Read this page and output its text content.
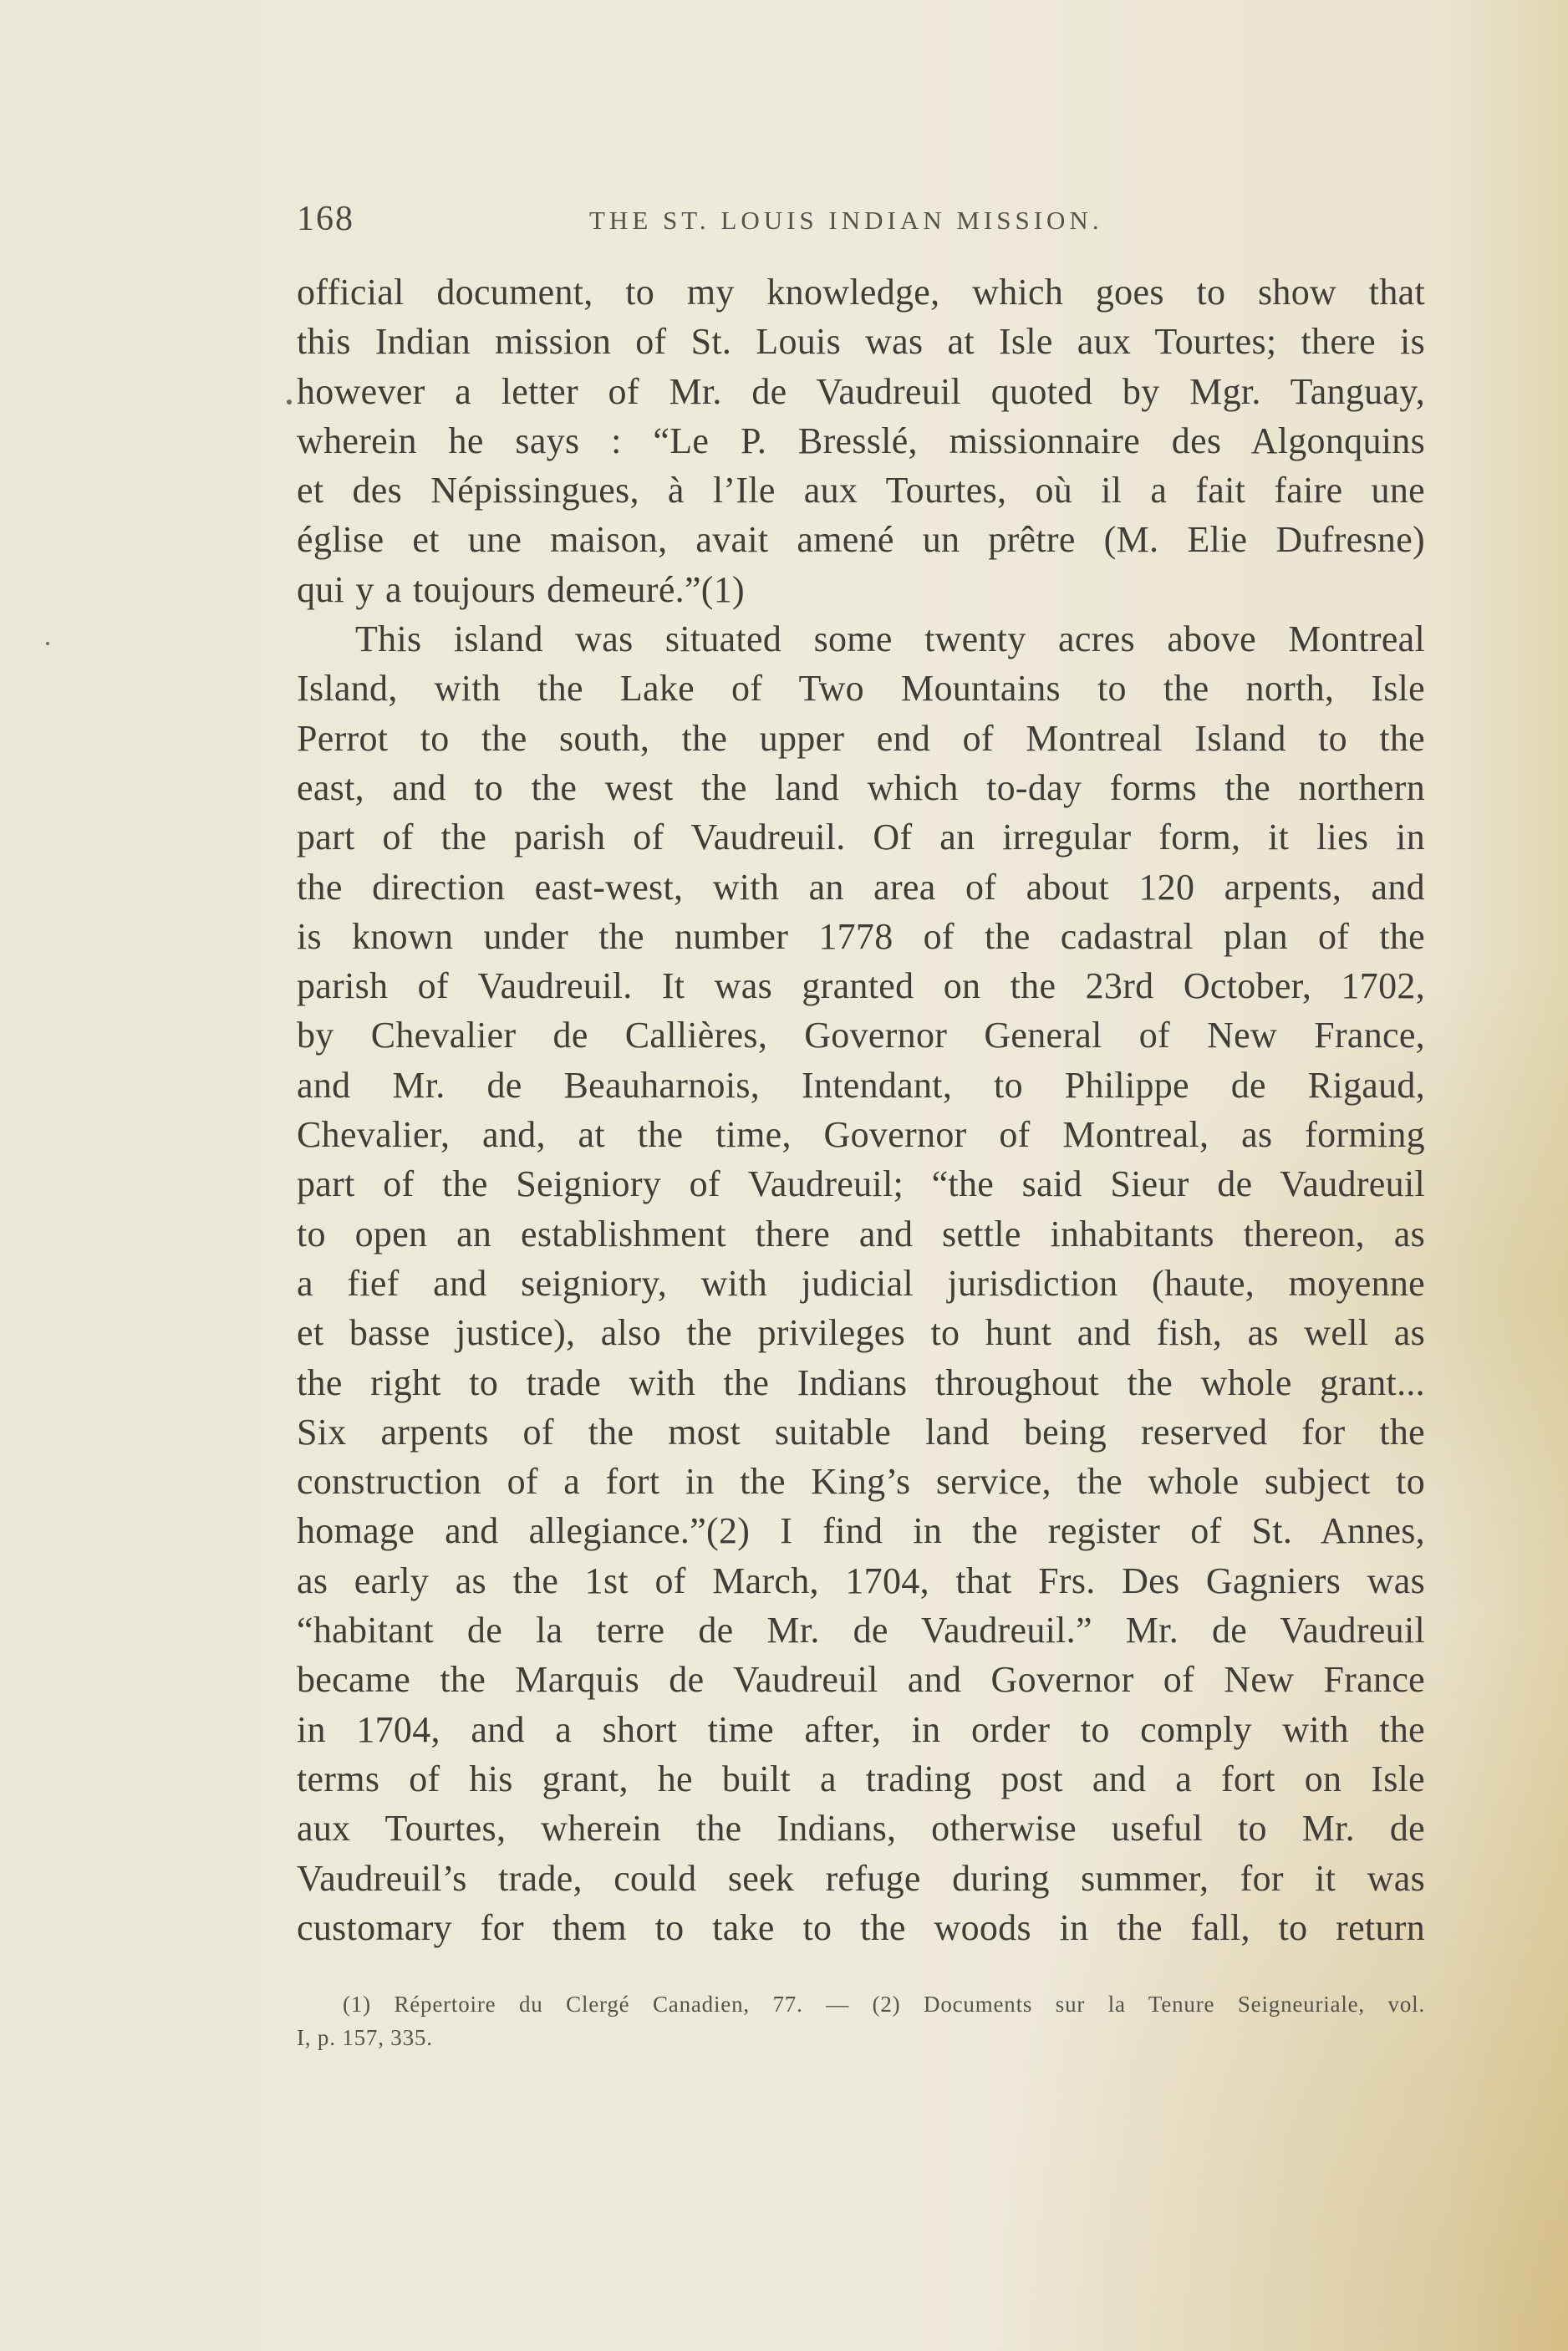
168	THE ST. LOUIS INDIAN MISSION.
official document, to my knowledge, which goes to show that
this Indian mission of St. Louis was at Isle aux Tourtes; there is
however a letter of Mr. de Vaudreuil quoted by Mgr. Tanguay,
wherein he says : “Le P. Bresslé, missionnaire des Algonquins
et des Népissingues, à l’Ile aux Tourtes, où il a fait faire une
église et une maison, avait amené un prêtre (M. Elie Dufresne)
qui y a toujours demeuré.”(1)
This island was situated some twenty acres above Montreal
Island, with the Lake of Two Mountains to the north, Isle
Perrot to the south, the upper end of Montreal Island to the
east, and to the west the land which to-day forms the northern
part of the parish of Vaudreuil. Of an irregular form, it lies in
the direction east-west, with an area of about 120 arpents, and
is known under the number 1778 of the cadastral plan of the
parish of Vaudreuil. It was granted on the 23rd October, 1702,
by Chevalier de Callières, Governor General of New France,
and Mr. de Beauharnois, Intendant, to Philippe de Rigaud,
Chevalier, and, at the time, Governor of Montreal, as forming
part of the Seigniory of Vaudreuil; “the said Sieur de Vaudreuil
to open an establishment there and settle inhabitants thereon, as
a fief and seigniory, with judicial jurisdiction (haute, moyenne
et basse justice), also the privileges to hunt and fish, as well as
the right to trade with the Indians throughout the whole grant...
Six arpents of the most suitable land being reserved for the
construction of a fort in the King’s service, the whole subject to
homage and allegiance.”(2) I find in the register of St. Annes,
as early as the 1st of March, 1704, that Frs. Des Gagniers was
“habitant de la terre de Mr. de Vaudreuil.” Mr. de Vaudreuil
became the Marquis de Vaudreuil and Governor of New France
in 1704, and a short time after, in order to comply with the
terms of his grant, he built a trading post and a fort on Isle
aux Tourtes, wherein the Indians, otherwise useful to Mr. de
Vaudreuil’s trade, could seek refuge during summer, for it was
customary for them to take to the woods in the fall, to return
(1) Répertoire du Clergé Canadien, 77. — (2) Documents sur la Tenure Seigneuriale, vol.
I, p. 157, 335.
